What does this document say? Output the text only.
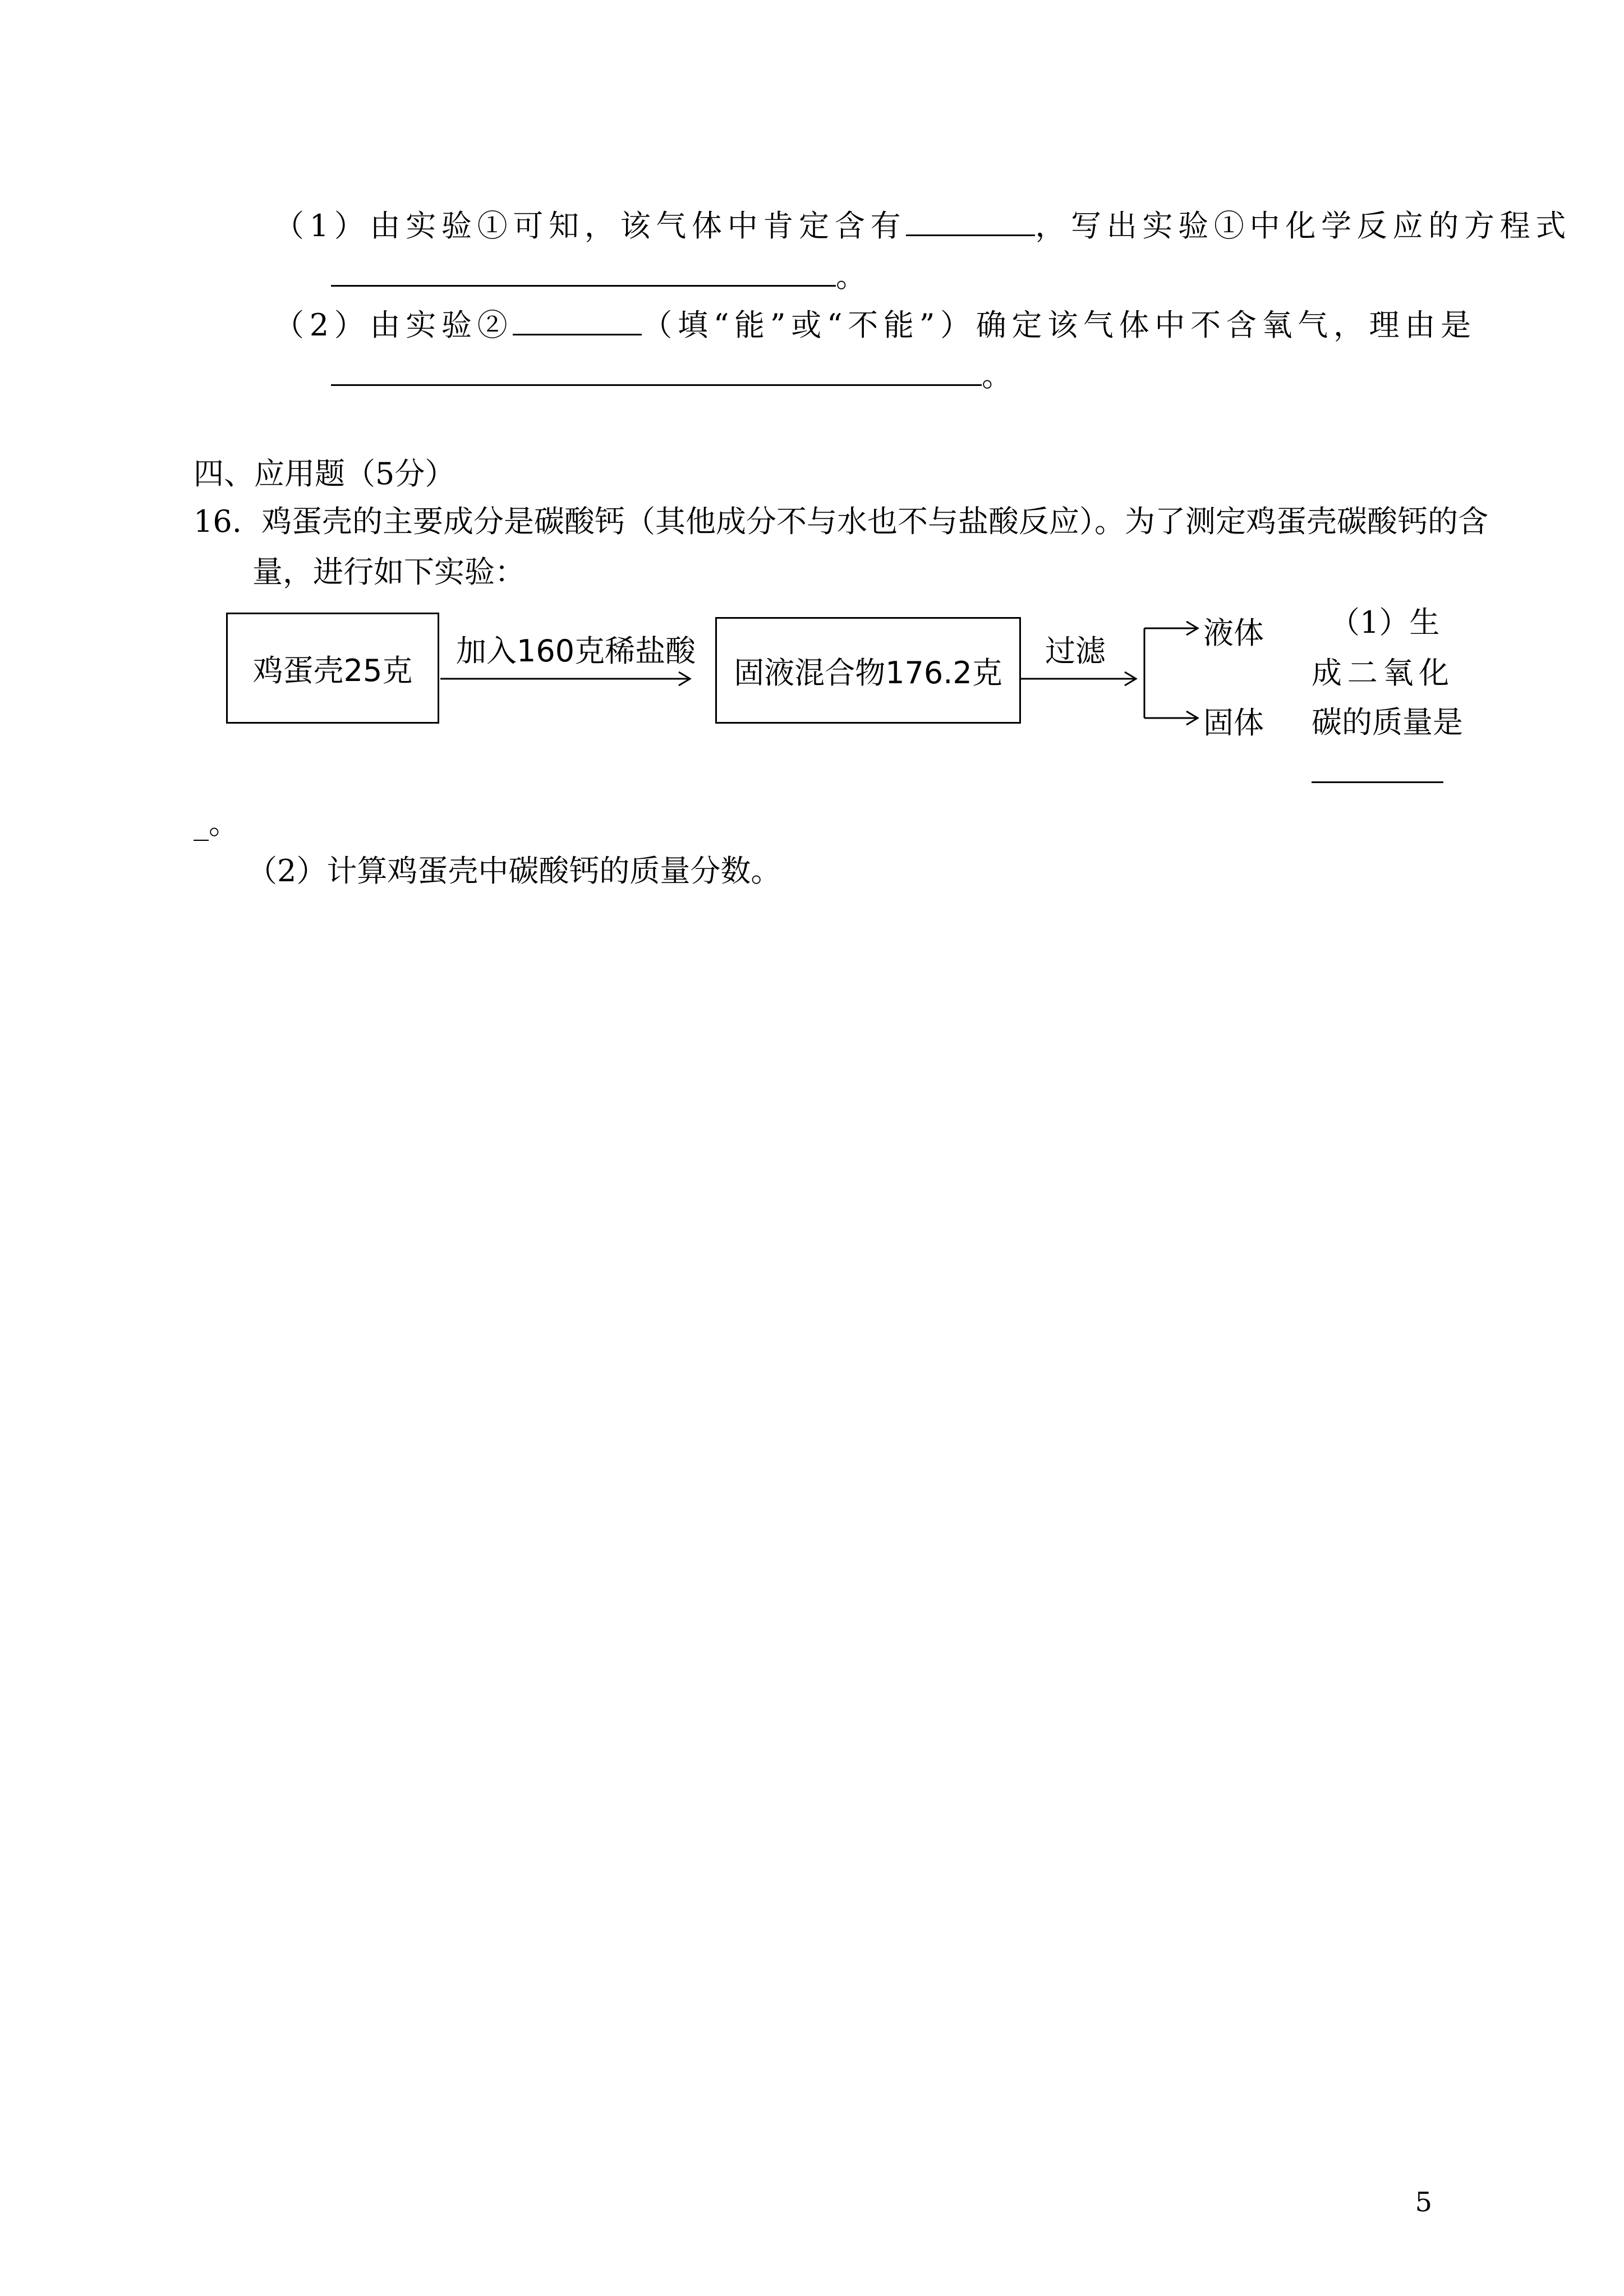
（1）由实验①可知，该气体中肯定含有	，写出实验①中化学反应的方程式
。
（2）由实验②	（填“能”或“不能”）确定该气体中不含氧气，理由是
。
四、应用题（5分）
16. 鸡蛋壳的主要成分是碳酸钙（其他成分不与水也不与盐酸反应）。为了测定鸡蛋壳碳酸钙的含
量，进行如下实验：
鸡蛋壳25克
加入160克稀盐酸
固液混合物176.2克
过滤
液体
固体
（1）生
成二氧化
碳的质量是
_。
（2）计算鸡蛋壳中碳酸钙的质量分数。
5
